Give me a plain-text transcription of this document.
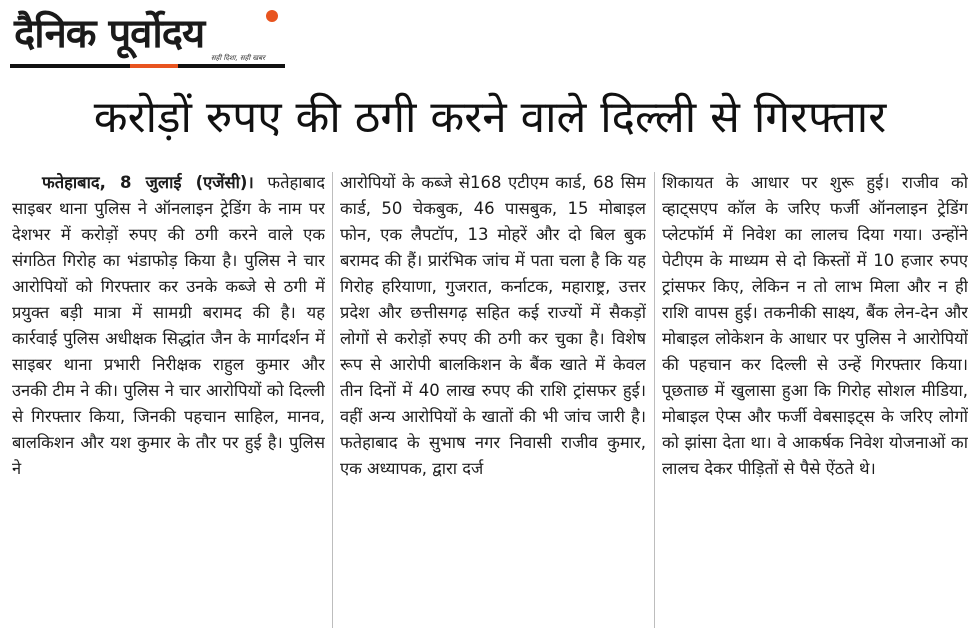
दैनिक पूर्वोदय
सही दिशा, सही खबर
करोड़ों रुपए की ठगी करने वाले दिल्ली से गिरफ्तार

फतेहाबाद, 8 जुलाई (एजेंसी)। फतेहाबाद साइबर थाना पुलिस ने ऑनलाइन ट्रेडिंग के नाम पर देशभर में करोड़ों रुपए की ठगी करने वाले एक संगठित गिरोह का भंडाफोड़ किया है। पुलिस ने चार आरोपियों को गिरफ्तार कर उनके कब्जे से ठगी में प्रयुक्त बड़ी मात्रा में सामग्री बरामद की है। यह कार्रवाई पुलिस अधीक्षक सिद्धांत जैन के मार्गदर्शन में साइबर थाना प्रभारी निरीक्षक राहुल कुमार और उनकी टीम ने की। पुलिस ने चार आरोपियों को दिल्ली से गिरफ्तार किया, जिनकी पहचान साहिल, मानव, बालकिशन और यश कुमार के तौर पर हुई है। पुलिस ने

आरोपियों के कब्जे से168 एटीएम कार्ड, 68 सिम कार्ड, 50 चेकबुक, 46 पासबुक, 15 मोबाइल फोन, एक लैपटॉप, 13 मोहरें और दो बिल बुक बरामद की हैं। प्रारंभिक जांच में पता चला है कि यह गिरोह हरियाणा, गुजरात, कर्नाटक, महाराष्ट्र, उत्तर प्रदेश और छत्तीसगढ़ सहित कई राज्यों में सैकड़ों लोगों से करोड़ों रुपए की ठगी कर चुका है। विशेष रूप से आरोपी बालकिशन के बैंक खाते में केवल तीन दिनों में 40 लाख रुपए की राशि ट्रांसफर हुई। वहीं अन्य आरोपियों के खातों की भी जांच जारी है। फतेहाबाद के सुभाष नगर निवासी राजीव कुमार, एक अध्यापक, द्वारा दर्ज

शिकायत के आधार पर शुरू हुई। राजीव को व्हाट्सएप कॉल के जरिए फर्जी ऑनलाइन ट्रेडिंग प्लेटफॉर्म में निवेश का लालच दिया गया। उन्होंने पेटीएम के माध्यम से दो किस्तों में 10 हजार रुपए ट्रांसफर किए, लेकिन न तो लाभ मिला और न ही राशि वापस हुई। तकनीकी साक्ष्य, बैंक लेन-देन और मोबाइल लोकेशन के आधार पर पुलिस ने आरोपियों की पहचान कर दिल्ली से उन्हें गिरफ्तार किया। पूछताछ में खुलासा हुआ कि गिरोह सोशल मीडिया, मोबाइल ऐप्स और फर्जी वेबसाइट्स के जरिए लोगों को झांसा देता था। वे आकर्षक निवेश योजनाओं का लालच देकर पीड़ितों से पैसे ऐंठते थे।
